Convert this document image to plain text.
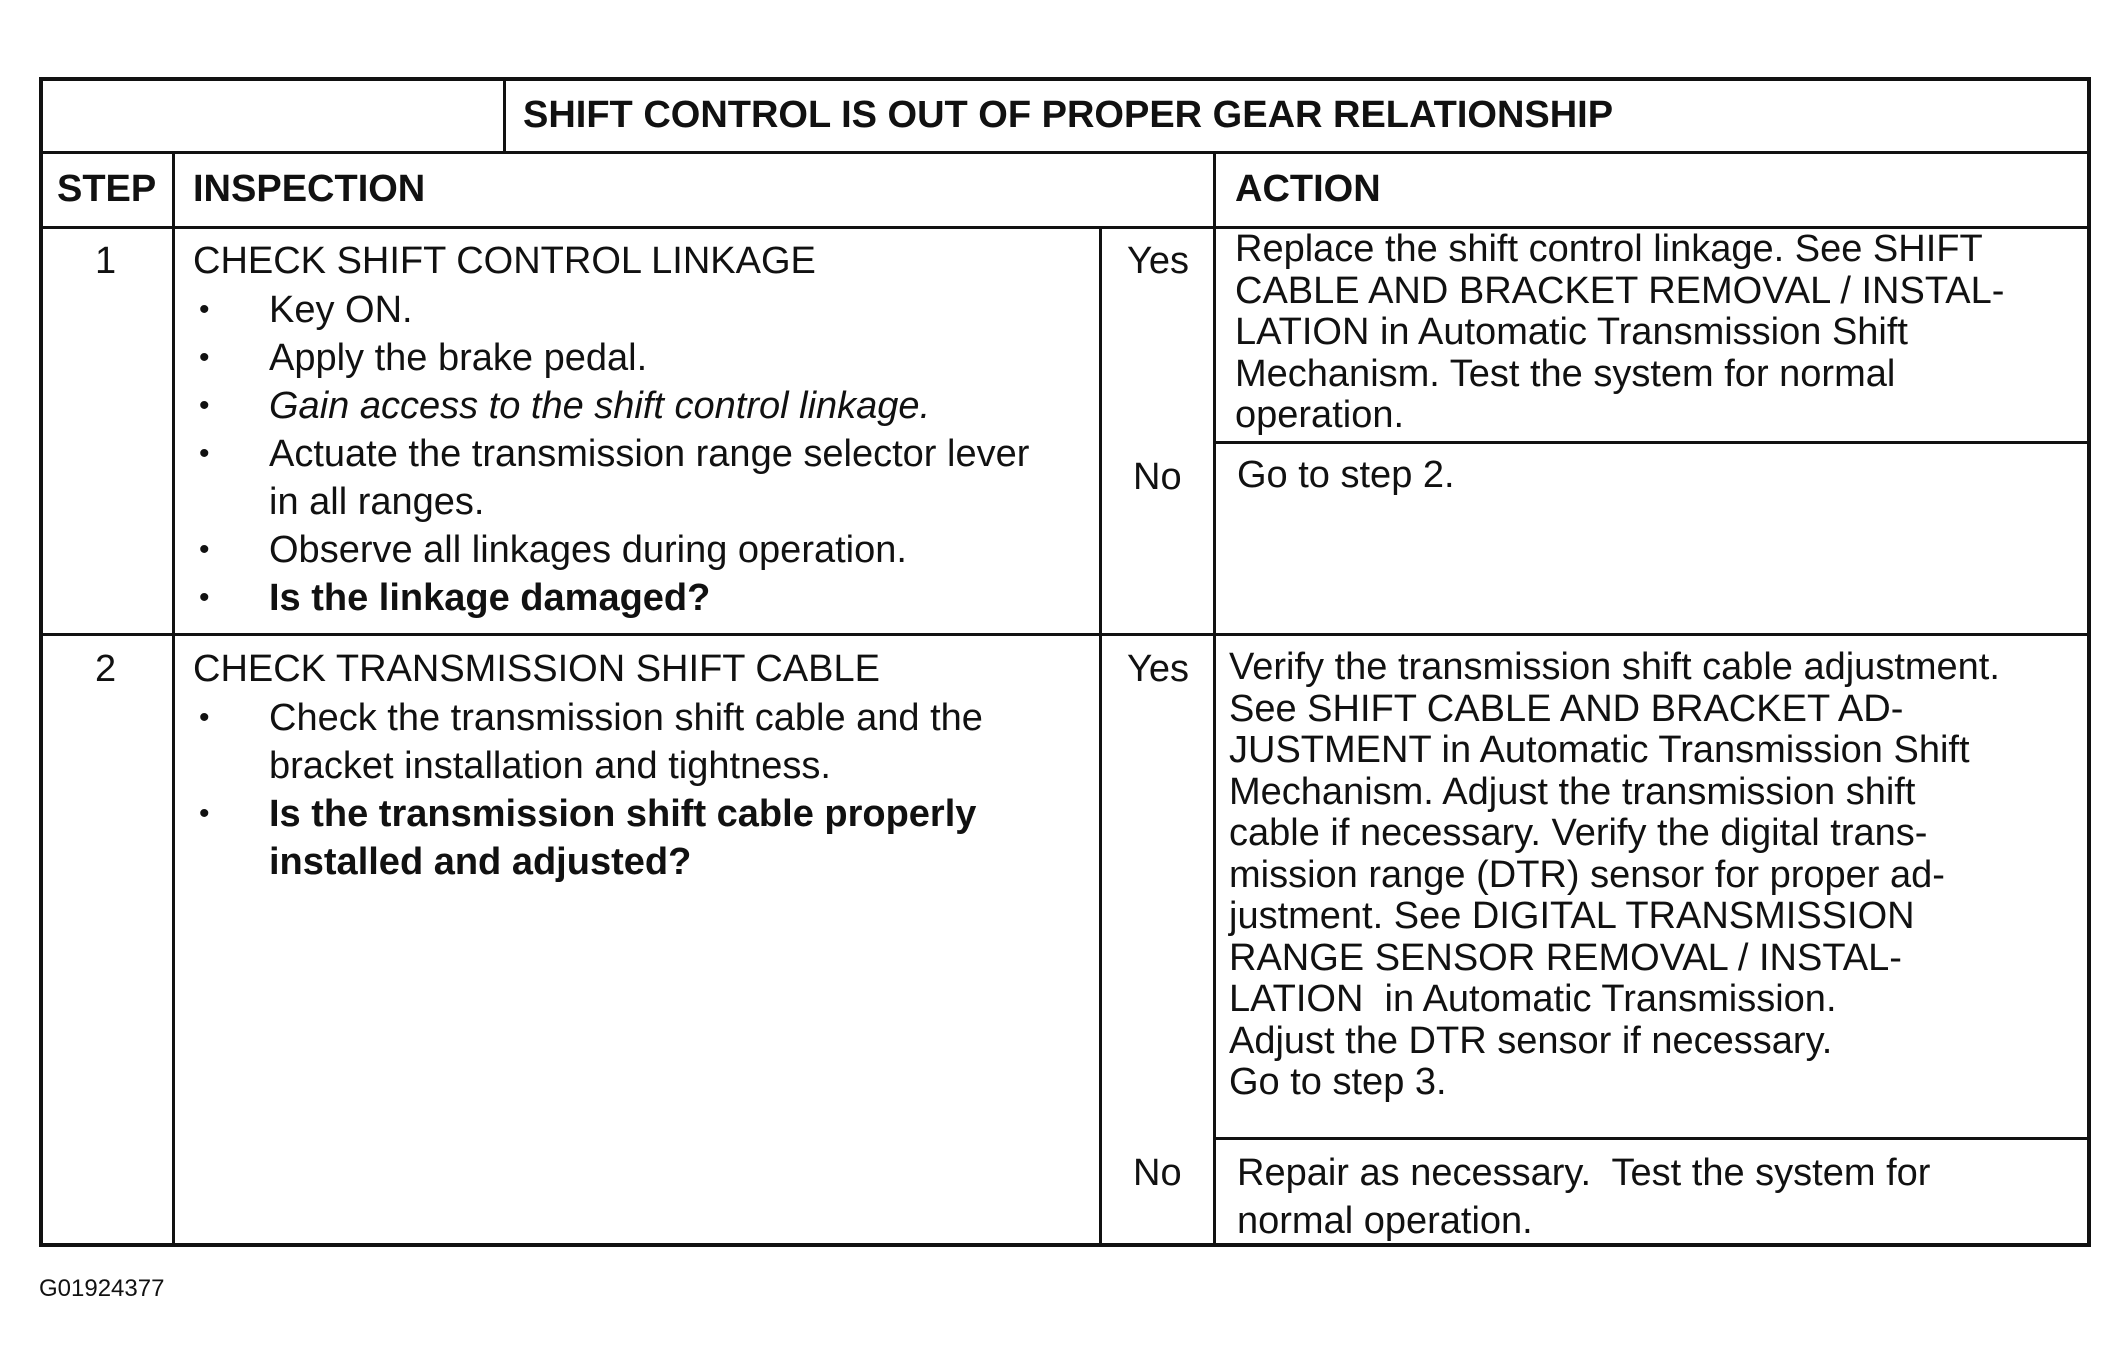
SHIFT CONTROL IS OUT OF PROPER GEAR RELATIONSHIP
STEP INSPECTION	ACTION
1 CHECK SHIFT CONTROL LINKAGE
• Key ON.
• Apply the brake pedal.
• Gain access to the shift control linkage.
• Actuate the transmission range selector lever
in all ranges.
• Observe all linkages during operation.
• Is the linkage damaged?
Yes Replace the shift control linkage. See SHIFT
CABLE AND BRACKET REMOVAL / INSTAL-
LATION in Automatic Transmission Shift
Mechanism. Test the system for normal
operation.
No Go to step 2.
2 CHECK TRANSMISSION SHIFT CABLE
• Check the transmission shift cable and the
bracket installation and tightness.
• Is the transmission shift cable properly
installed and adjusted?
Yes Verify the transmission shift cable adjustment.
See SHIFT CABLE AND BRACKET AD-
JUSTMENT in Automatic Transmission Shift
Mechanism. Adjust the transmission shift
cable if necessary. Verify the digital trans-
mission range (DTR) sensor for proper ad-
justment. See DIGITAL TRANSMISSION
RANGE SENSOR REMOVAL / INSTAL-
LATION  in Automatic Transmission.
Adjust the DTR sensor if necessary.
Go to step 3.
No Repair as necessary.  Test the system for
normal operation.
G01924377
